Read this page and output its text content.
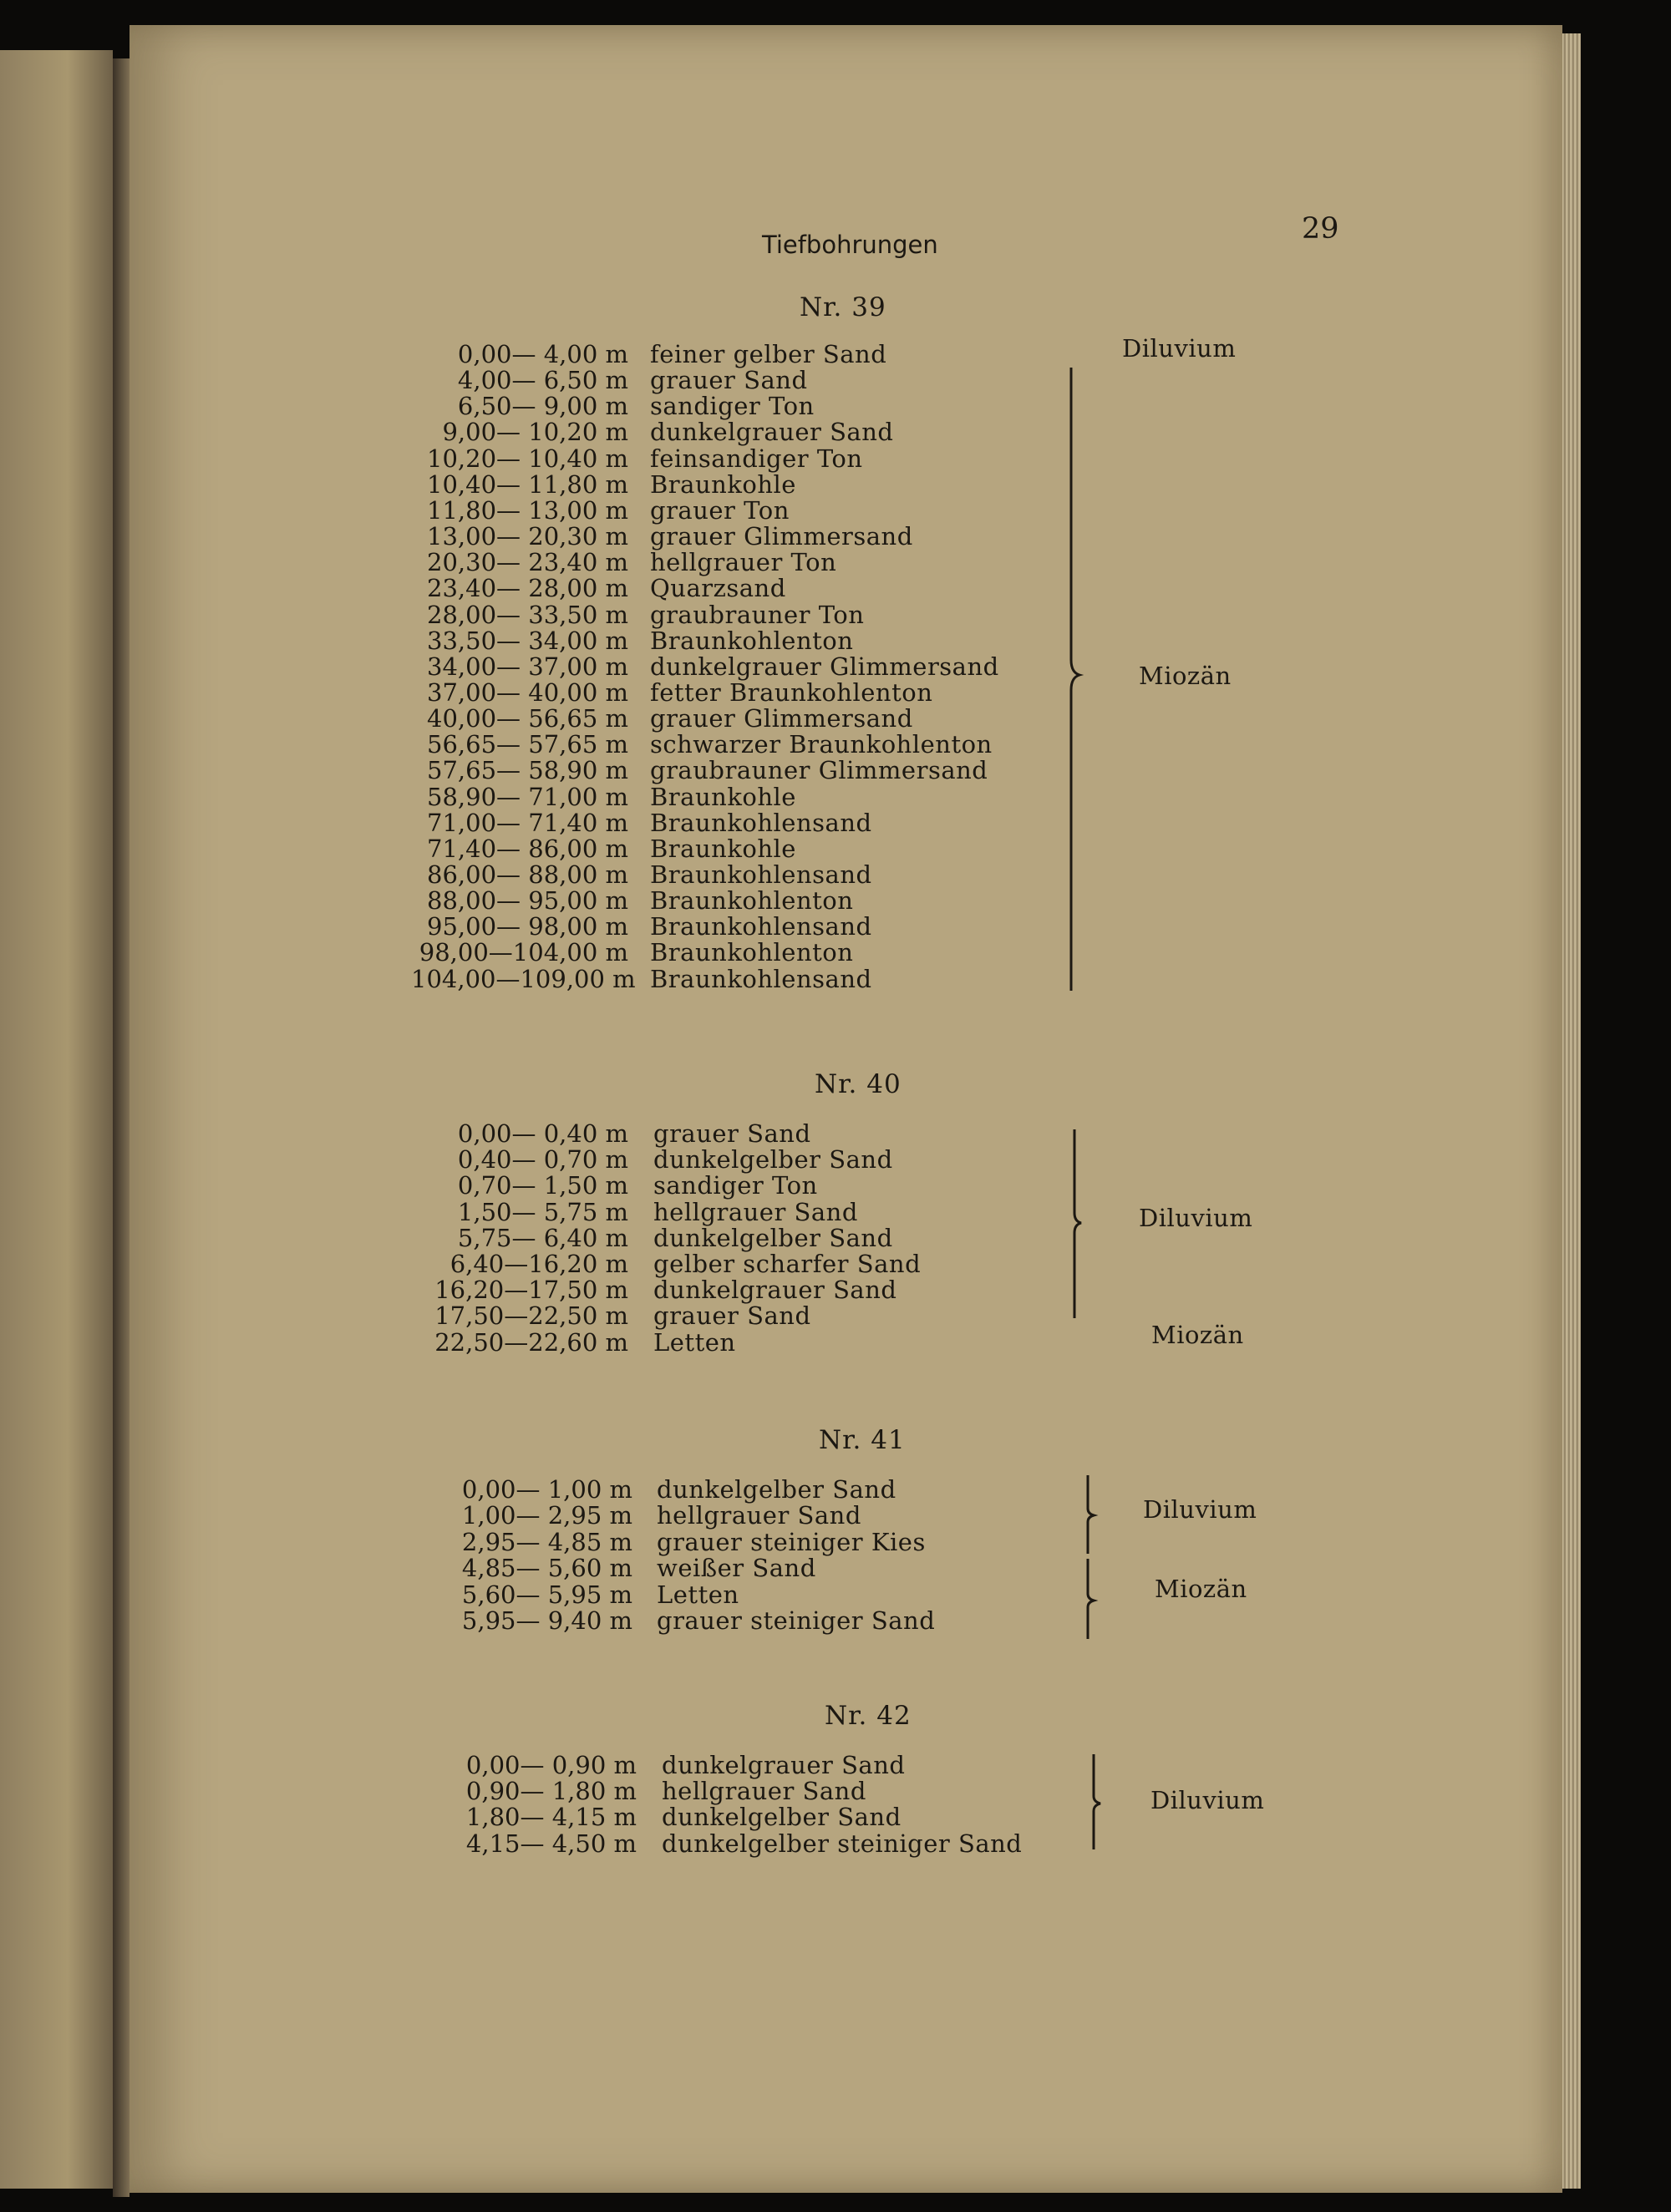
Tiefbohrungen	29
Nr. 39
0,00— 4,00 m feiner gelber Sand
4,00— 6,50 m grauer Sand
6,50— 9,00 m sandiger Ton
9,00— 10,20 m dunkelgrauer Sand
10,20— 10,40 m feinsandiger Ton
10,40— 11,80 m Braunkohle
11,80— 13,00 m grauer Ton
13,00— 20,30 m grauer Glimmersand
20,30— 23,40 m hellgrauer Ton
23,40— 28,00 m Quarzsand
28,00— 33,50 m graubrauner Ton
33,50— 34,00 m Braunkohlenton
34,00— 37,00 m dunkelgrauer Glimmersand
37,00— 40,00 m fetter Braunkohlenton
40,00— 56,65 m grauer Glimmersand
56,65— 57,65 m schwarzer Braunkohlenton
57,65— 58,90 m graubrauner Glimmersand
58,90— 71,00 m Braunkohle
71,00— 71,40 m Braunkohlensand
71,40— 86,00 m Braunkohle
86,00— 88,00 m Braunkohlensand
88,00— 95,00 m Braunkohlenton
95,00— 98,00 m Braunkohlensand
98,00—104,00 m Braunkohlenton
104,00—109,00 m Braunkohlensand
Diluvium
Miozän
Nr. 40
0,00— 0,40 m grauer Sand
0,40— 0,70 m dunkelgelber Sand
0,70— 1,50 m sandiger Ton
1,50— 5,75 m hellgrauer Sand
5,75— 6,40 m dunkelgelber Sand
6,40—16,20 m gelber scharfer Sand
16,20—17,50 m dunkelgrauer Sand
17,50—22,50 m grauer Sand
22,50—22,60 m Letten
Diluvium
Miozän
Nr. 41
0,00— 1,00 m dunkelgelber Sand
1,00— 2,95 m hellgrauer Sand
2,95— 4,85 m grauer steiniger Kies
4,85— 5,60 m weißer Sand
5,60— 5,95 m Letten
5,95— 9,40 m grauer steiniger Sand
Diluvium
Miozän
Nr. 42
0,00— 0,90 m dunkelgrauer Sand
0,90— 1,80 m hellgrauer Sand
1,80— 4,15 m dunkelgelber Sand
4,15— 4,50 m dunkelgelber steiniger Sand
Diluvium
